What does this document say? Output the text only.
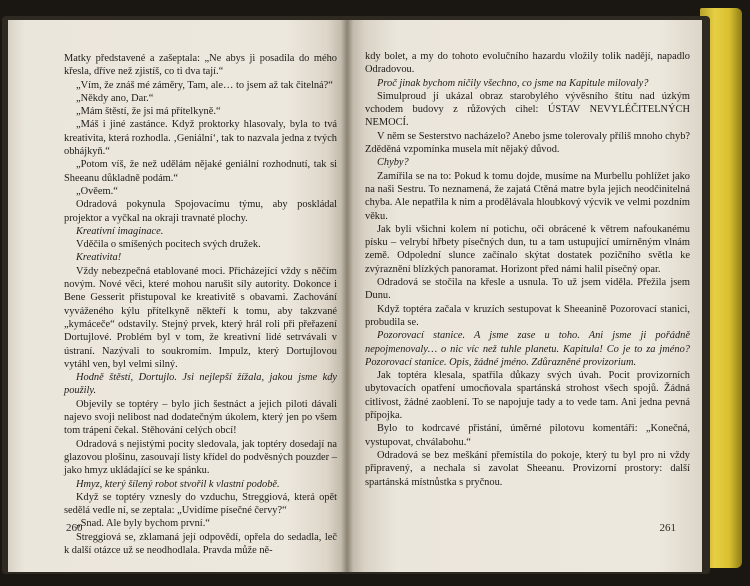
Matky představené a zašeptala: „Ne abys ji posadila do mého křesla, dříve než zjistíš, co ti dva tají.“

„Vím, že znáš mé záměry, Tam, ale… to jsem až tak čitelná?“

„Někdy ano, Dar.“

„Mám štěstí, že jsi má přítelkyně.“

„Máš i jiné zastánce. Když proktorky hlasovaly, byla to tvá kreativita, která rozhodla. ‚Geniální‘, tak to nazvala jedna z tvých obhájkyň.“

„Potom víš, že než udělám nějaké geniální rozhodnutí, tak si Sheeanu důkladně podám.“

„Ověem.“

Odradová pokynula Spojovacímu týmu, aby poskládal projektor a vyčkal na okraji travnaté plochy.

Kreativní imaginace.

Vděčila o smíšených pocitech svých družek.

Kreativita!

Vždy nebezpečná etablované moci. Přicházející vždy s něčím novým. Nové věci, které mohou narušit síly autority. Dokonce i Bene Gesserit přistupoval ke kreativitě s obavami. Zachování vyváženého kýlu přítelkyně někteří k tomu, aby takzvané „kymáceče“ odstavily. Stejný prvek, který hrál roli při přeřazení Dortujlové. Problém byl v tom, že kreativní lidé setrvávali v ústraní. Nazývali to soukromím. Impulz, který Dortujlovou vytáhl ven, byl velmi silný.

Hodně štěstí, Dortujlo. Jsi nejlepší žížala, jakou jsme kdy použily.

Objevily se toptéry – bylo jich šestnáct a jejich piloti dávali najevo svoji nelibost nad dodatečným úkolem, který jen po všem tom trápení čekal. Stěhování celých obcí!

Odradová s nejistými pocity sledovala, jak toptéry dosedají na glazovou plošinu, zasouvají listy křídel do podvěsných pouzder – jako hmyz ukládající se ke spánku.

Hmyz, který šílený robot stvořil k vlastní podobě.

Když se toptéry vznesly do vzduchu, Streggiová, která opět sedělá vedle ní, se zeptala: „Uvidíme písečné červy?“

„Snad. Ale byly bychom první.“

Streggiová se, zklamaná její odpovědí, opřela do sedadla, leč k další otázce už se neodhodlala. Pravda může ně-

260

kdy bolet, a my do tohoto evolučního hazardu vložily tolik nadějí, napadlo Odradovou.

Proč jinak bychom ničily všechno, co jsme na Kapitule milovaly?

Simulproud jí ukázal obraz starobylého vývěsního štítu nad úzkým vchodem budovy z růžových cihel: ÚSTAV NEVYLÉČITELNÝCH NEMOCÍ.

V něm se Sesterstvo nacházelo? Anebo jsme tolerovaly příliš mnoho chyb? Zděděná vzpomínka musela mít nějaký důvod.

Chyby?

Zamířila se na to: Pokud k tomu dojde, musíme na Murbellu pohlížet jako na naši Sestru. To neznamená, že zajatá Ctěná matre byla jejich neodčinitelná chyba. Ale nepatřila k nim a prodělávala hloubkový výcvik ve velmi pozdním věku.

Jak byli všichni kolem ní potichu, oči obrácené k větrem nafoukanému písku – velrybí hřbety písečných dun, tu a tam ustupující umírněným vlnám země. Odpolední slunce začínalo skýtat dostatek pozičního světla ke zvýraznění blízkých panoramat. Horizont před námi halil písečný opar.

Odradová se stočila na křesle a usnula. To už jsem viděla. Přežila jsem Dunu.

Když toptéra začala v kruzích sestupovat k Sheeanině Pozorovací stanici, probudila se.

Pozorovací stanice. A jsme zase u toho. Ani jsme ji pořádně nepojmenovaly… o nic víc než tuhle planetu. Kapitula! Co je to za jméno? Pozorovací stanice. Opis, žádné jméno. Zdůrazněné provizorium.

Jak toptéra klesala, spatřila důkazy svých úvah. Pocit provizorních ubytovacích opatření umocňovala spartánská strohost všech spojů. Žádná citlivost, žádné zaoblení. To se napojuje tady a to vede tam. Ani jedna pevná přípojka.

Bylo to kodrcavé přistání, úměrné pilotovu komentáři: „Konečná, vystupovat, chválabohu.“

Odradová se bez meškání přemístila do pokoje, který tu byl pro ni vždy připravený, a nechala si zavolat Sheeanu. Provizorní prostory: další spartánská místnůstka s pryčnou.

261
